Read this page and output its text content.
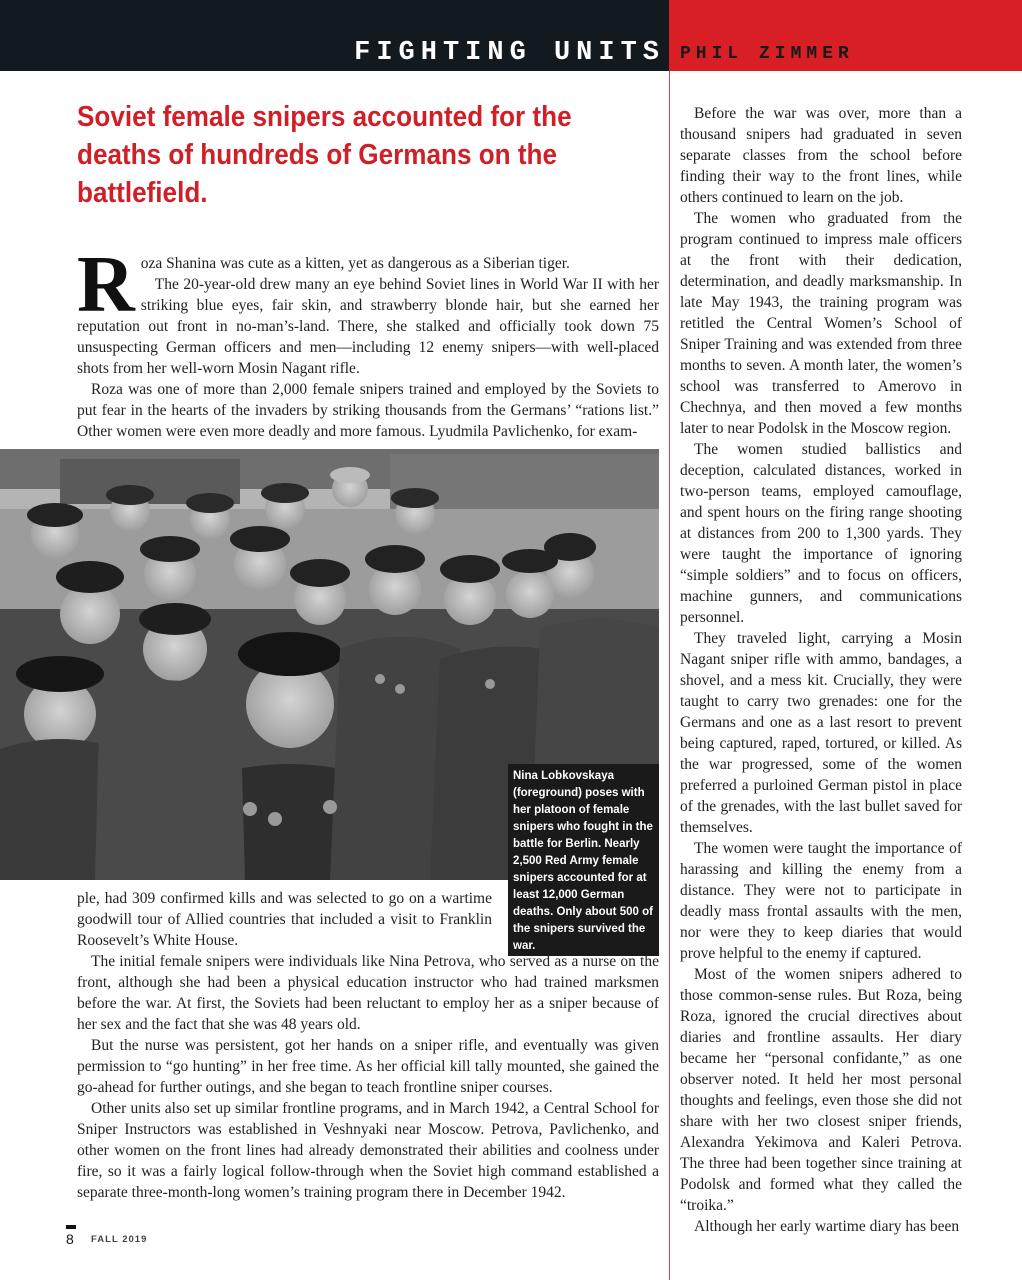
FIGHTING UNITS PHIL ZIMMER
Soviet female snipers accounted for the deaths of hundreds of Germans on the battlefield.
R oza Shanina was cute as a kitten, yet as dangerous as a Siberian tiger.

The 20-year-old drew many an eye behind Soviet lines in World War II with her striking blue eyes, fair skin, and strawberry blonde hair, but she earned her reputation out front in no-man’s-land. There, she stalked and officially took down 75 unsuspecting German officers and men—including 12 enemy snipers—with well-placed shots from her well-worn Mosin Nagant rifle.

Roza was one of more than 2,000 female snipers trained and employed by the Soviets to put fear in the hearts of the invaders by striking thousands from the Germans’ “rations list.” Other women were even more deadly and more famous. Lyudmila Pavlichenko, for exam-

Nina Lobkovskaya (foreground) poses with her platoon of female snipers who fought in the battle for Berlin. Nearly 2,500 Red Army female snipers accounted for at least 12,000 German deaths. Only about 500 of the snipers survived the war.

ple, had 309 confirmed kills and was selected to go on a wartime goodwill tour of Allied countries that included a visit to Franklin Roosevelt’s White House.

The initial female snipers were individuals like Nina Petrova, who served as a nurse on the front, although she had been a physical education instructor who had trained marksmen before the war. At first, the Soviets had been reluctant to employ her as a sniper because of her sex and the fact that she was 48 years old.

But the nurse was persistent, got her hands on a sniper rifle, and eventually was given permission to “go hunting” in her free time. As her official kill tally mounted, she gained the go-ahead for further outings, and she began to teach frontline sniper courses.

Other units also set up similar frontline programs, and in March 1942, a Central School for Sniper Instructors was established in Veshnyaki near Moscow. Petrova, Pavlichenko, and other women on the front lines had already demonstrated their abilities and coolness under fire, so it was a fairly logical follow-through when the Soviet high command established a separate three-month-long women’s training program there in December 1942.

Before the war was over, more than a thousand snipers had graduated in seven separate classes from the school before finding their way to the front lines, while others continued to learn on the job.

The women who graduated from the program continued to impress male officers at the front with their dedication, determination, and deadly marksmanship. In late May 1943, the training program was retitled the Central Women’s School of Sniper Training and was extended from three months to seven. A month later, the women’s school was transferred to Amerovo in Chechnya, and then moved a few months later to near Podolsk in the Moscow region.

The women studied ballistics and deception, calculated distances, worked in two-person teams, employed camouflage, and spent hours on the firing range shooting at distances from 200 to 1,300 yards. They were taught the importance of ignoring “simple soldiers” and to focus on officers, machine gunners, and communications personnel.

They traveled light, carrying a Mosin Nagant sniper rifle with ammo, bandages, a shovel, and a mess kit. Crucially, they were taught to carry two grenades: one for the Germans and one as a last resort to prevent being captured, raped, tortured, or killed. As the war progressed, some of the women preferred a purloined German pistol in place of the grenades, with the last bullet saved for themselves.

The women were taught the importance of harassing and killing the enemy from a distance. They were not to participate in deadly mass frontal assaults with the men, nor were they to keep diaries that would prove helpful to the enemy if captured.

Most of the women snipers adhered to those common-sense rules. But Roza, being Roza, ignored the crucial directives about diaries and frontline assaults. Her diary became her “personal confidante,” as one observer noted. It held her most personal thoughts and feelings, even those she did not share with her two closest sniper friends, Alexandra Yekimova and Kaleri Petrova. The three had been together since training at Podolsk and formed what they called the “troika.”

Although her early wartime diary has been

8 FALL 2019
